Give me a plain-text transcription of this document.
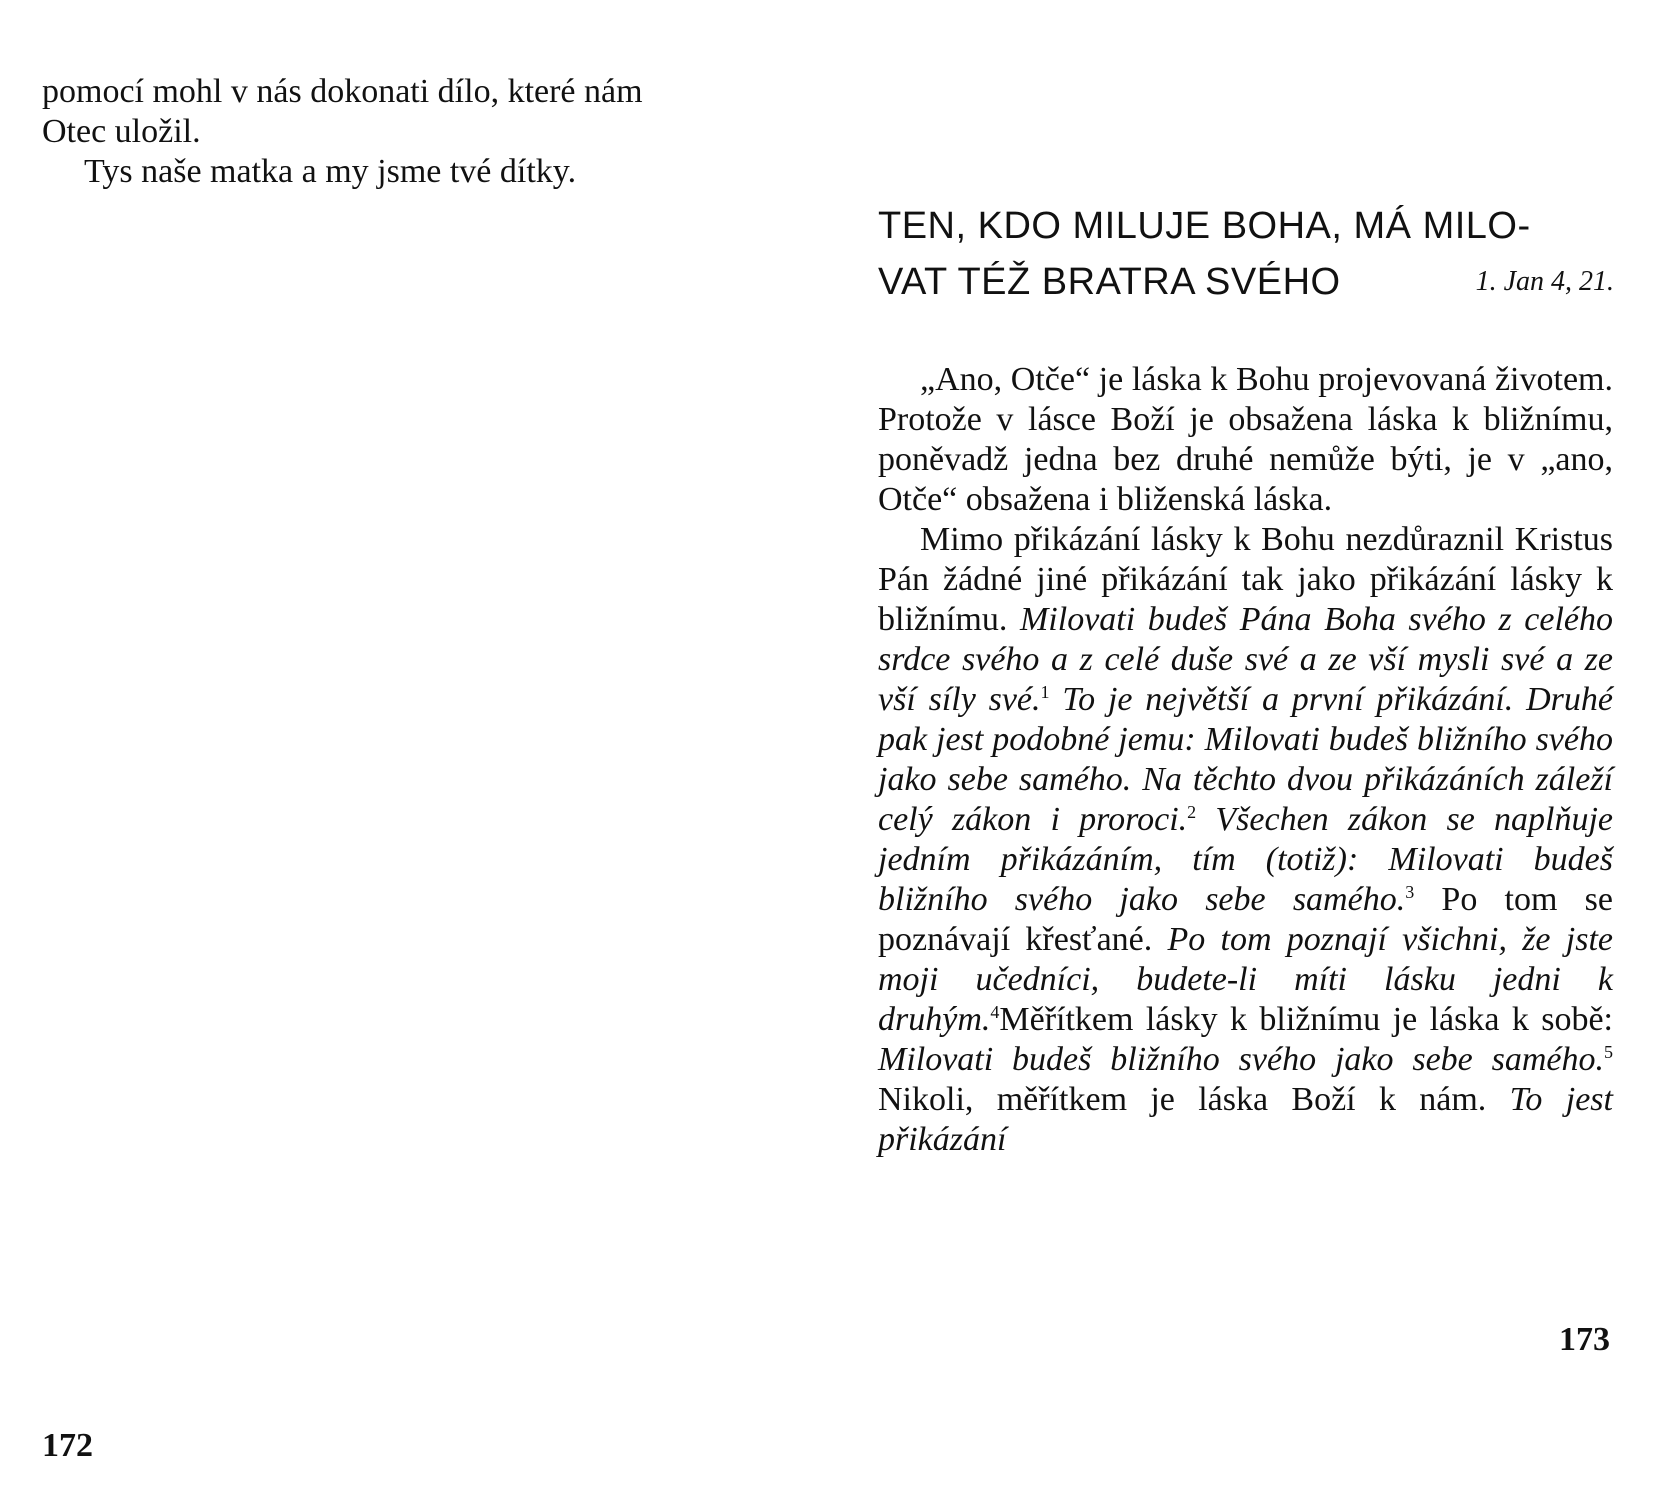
pomocí mohl v nás dokonati dílo, které nám
Otec uložil.
Tys naše matka a my jsme tvé dítky.
172
TEN, KDO MILUJE BOHA, MÁ MILO-
VAT TÉŽ BRATRA SVÉHO	1. Jan 4, 21.

„Ano, Otče“ je láska k Bohu projevovaná životem. Protože v lásce Boží je obsažena láska k bližnímu, poněvadž jedna bez druhé nemůže býti, je v „ano, Otče“ obsažena i bliženská láska.

Mimo přikázání lásky k Bohu nezdůraznil Kristus Pán žádné jiné přikázání tak jako přikázání lásky k bližnímu. Milovati budeš Pána Boha svého z celého srdce svého a z celé duše své a ze vší mysli své a ze vší síly své.$^1$ To je největší a první přikázání. Druhé pak jest podobné jemu: Milovati budeš bližního svého jako sebe samého. Na těchto dvou přikázáních záleží celý zákon i proroci.$^2$ Všechen zákon se naplňuje jedním přikázáním, tím (totiž): Milovati budeš bližního svého jako sebe samého.$^3$ Po tom se poznávají křesťané. Po tom poznají všichni, že jste moji učedníci, budete-li míti lásku jedni k druhým.$^4$Měřítkem lásky k bližnímu je láska k sobě: Milovati budeš bližního svého jako sebe samého.$^5$ Nikoli, měřítkem je láska Boží k nám. To jest přikázání

173
